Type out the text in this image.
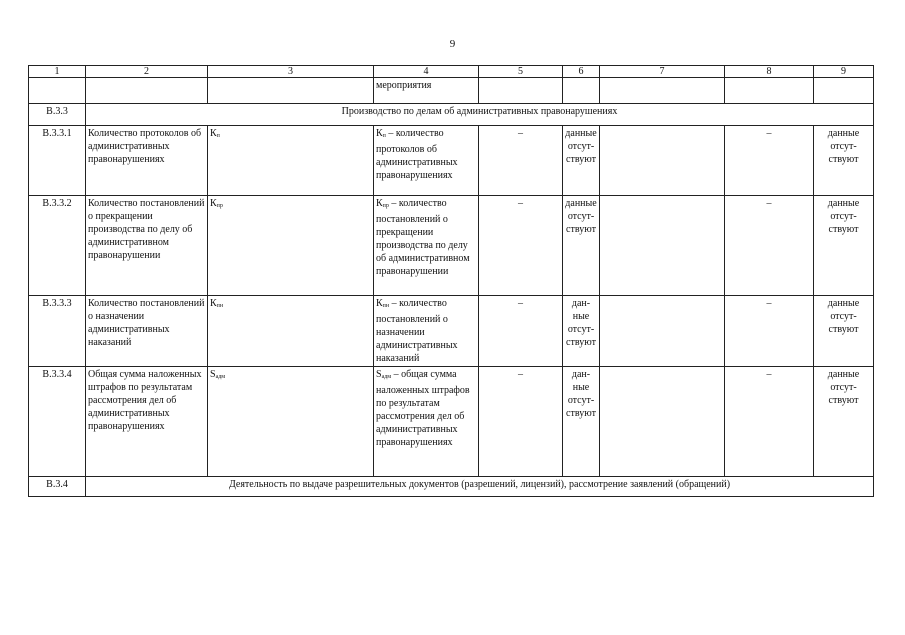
9
1	2	3	4	5	6	7	8	9
			мероприятия					
В.3.3	Производство по делам об административных правонарушениях							
В.3.3.1	Количество протоколов об административных правонарушениях	Кп	Кп – количество протоколов об административных правонарушениях	–	данные отсут-ствуют		–	данные отсут-ствуют
В.3.3.2	Количество постановлений о прекращении производства по делу об административном правонарушении	Кпр	Кпр – количество постановлений о прекращении производства по делу об административном правонарушении	–	данные отсут-ствуют		–	данные отсут-ствуют
В.3.3.3	Количество постановлений о назначении административных наказаний	Кпн	Кпн – количество постановлений о назначении административных наказаний	–	дан-ные отсут-ствуют		–	данные отсут-ствуют
В.3.3.4	Общая сумма наложенных штрафов по результатам рассмотрения дел об административных правонарушениях	Sадм	Sадм – общая сумма наложенных штрафов по результатам рассмотрения дел об административных правонарушениях	–	дан-ные отсут-ствуют		–	данные отсут-ствуют
В.3.4	Деятельность по выдаче разрешительных документов (разрешений, лицензий), рассмотрение заявлений (обращений)							
